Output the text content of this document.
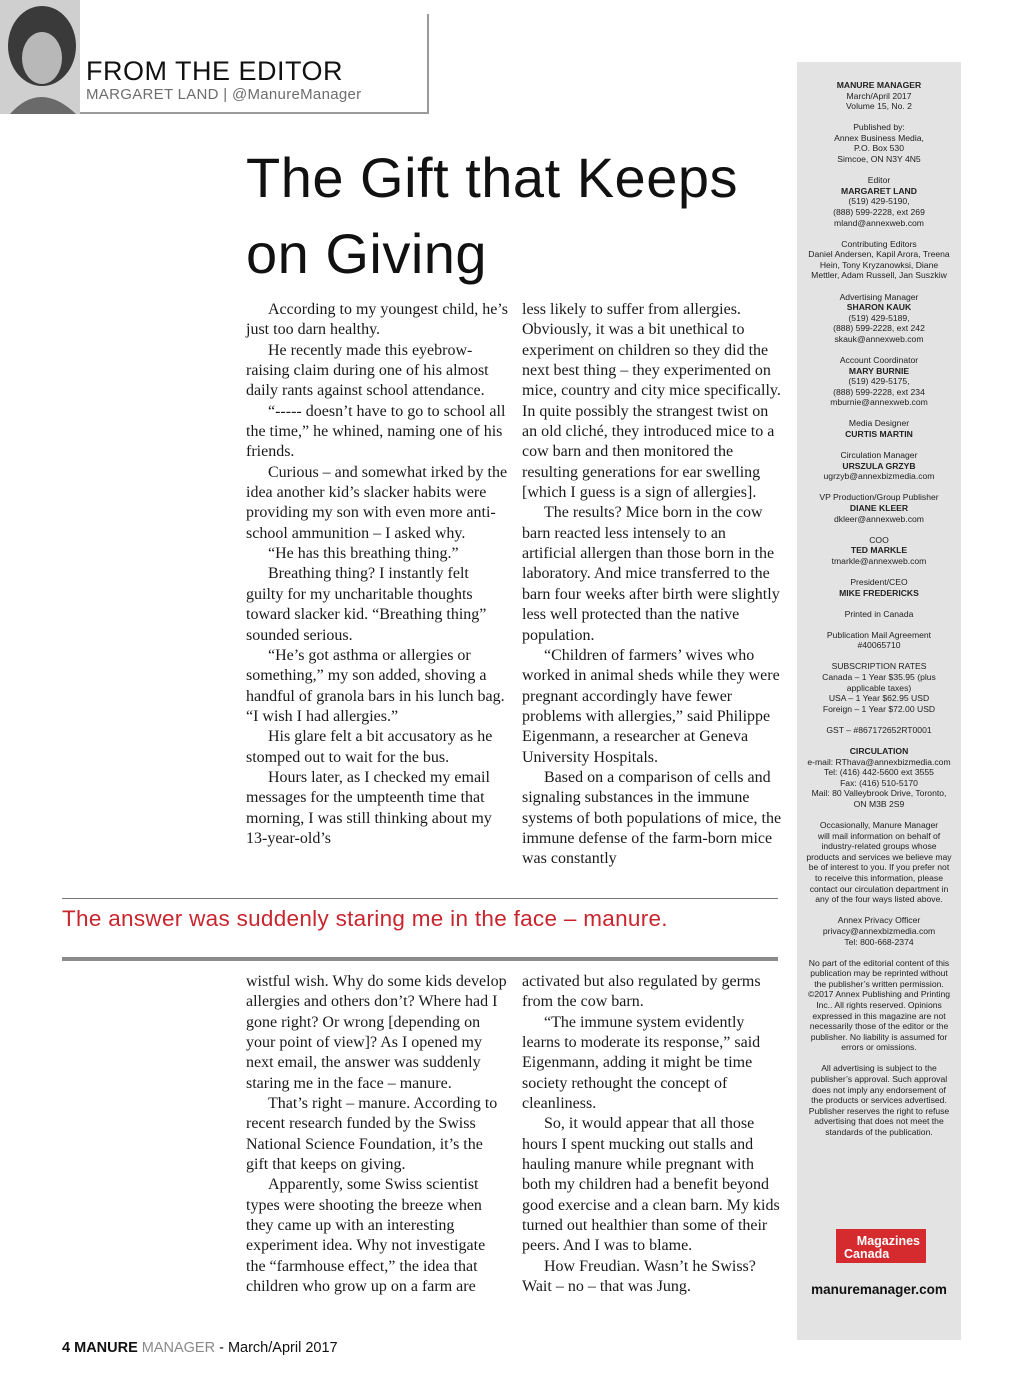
FROM THE EDITOR
MARGARET LAND | @ManureManager
The Gift that Keeps on Giving

According to my youngest child, he’s just too darn healthy.

He recently made this eyebrow-raising claim during one of his almost daily rants against school attendance.

“----- doesn’t have to go to school all the time,” he whined, naming one of his friends.

Curious – and somewhat irked by the idea another kid’s slacker habits were providing my son with even more anti-school ammunition – I asked why.

“He has this breathing thing.”

Breathing thing? I instantly felt guilty for my uncharitable thoughts toward slacker kid. “Breathing thing” sounded serious.

“He’s got asthma or allergies or something,” my son added, shoving a handful of granola bars in his lunch bag. “I wish I had allergies.”

His glare felt a bit accusatory as he stomped out to wait for the bus.

Hours later, as I checked my email messages for the umpteenth time that morning, I was still thinking about my 13-year-old’s

less likely to suffer from allergies. Obviously, it was a bit unethical to experiment on children so they did the next best thing – they experimented on mice, country and city mice specifically. In quite possibly the strangest twist on an old cliché, they introduced mice to a cow barn and then monitored the resulting generations for ear swelling [which I guess is a sign of allergies].

The results? Mice born in the cow barn reacted less intensely to an artificial allergen than those born in the laboratory. And mice transferred to the barn four weeks after birth were slightly less well protected than the native population.

“Children of farmers’ wives who worked in animal sheds while they were pregnant accordingly have fewer problems with allergies,” said Philippe Eigenmann, a researcher at Geneva University Hospitals.

Based on a comparison of cells and signaling substances in the immune systems of both populations of mice, the immune defense of the farm-born mice was constantly

The answer was suddenly staring me in the face – manure.

wistful wish. Why do some kids develop allergies and others don’t? Where had I gone right? Or wrong [depending on your point of view]? As I opened my next email, the answer was suddenly staring me in the face – manure.

That’s right – manure. According to recent research funded by the Swiss National Science Foundation, it’s the gift that keeps on giving.

Apparently, some Swiss scientist types were shooting the breeze when they came up with an interesting experiment idea. Why not investigate the “farmhouse effect,” the idea that children who grow up on a farm are

activated but also regulated by germs from the cow barn.

“The immune system evidently learns to moderate its response,” said Eigenmann, adding it might be time society rethought the concept of cleanliness.

So, it would appear that all those hours I spent mucking out stalls and hauling manure while pregnant with both my children had a benefit beyond good exercise and a clean barn. My kids turned out healthier than some of their peers. And I was to blame.

How Freudian. Wasn’t he Swiss? Wait – no – that was Jung.

MANURE MANAGER
March/April 2017
Volume 15, No. 2
Published by:
Annex Business Media,
P.O. Box 530
Simcoe, ON N3Y 4N5
Editor
MARGARET LAND
(519) 429-5190,
(888) 599-2228, ext 269
mland@annexweb.com
Contributing Editors
Daniel Andersen, Kapil Arora, Treena
Hein, Tony Kryzanowksi, Diane
Mettler, Adam Russell, Jan Suszkiw
Advertising Manager
SHARON KAUK
(519) 429-5189,
(888) 599-2228, ext 242
skauk@annexweb.com
Account Coordinator
MARY BURNIE
(519) 429-5175,
(888) 599-2228, ext 234
mburnie@annexweb.com
Media Designer
CURTIS MARTIN
Circulation Manager
URSZULA GRZYB
ugrzyb@annexbizmedia.com
VP Production/Group Publisher
DIANE KLEER
dkleer@annexweb.com
COO
TED MARKLE
tmarkle@annexweb.com
President/CEO
MIKE FREDERICKS
Printed in Canada
Publication Mail Agreement
#40065710
SUBSCRIPTION RATES
Canada – 1 Year $35.95 (plus
applicable taxes)
USA – 1 Year $62.95 USD
Foreign – 1 Year $72.00 USD
GST – #867172652RT0001
CIRCULATION
e-mail: RThava@annexbizmedia.com
Tel: (416) 442-5600 ext 3555
Fax: (416) 510-5170
Mail: 80 Valleybrook Drive, Toronto,
ON M3B 2S9
Occasionally, Manure Manager
will mail information on behalf of
industry-related groups whose
products and services we believe may
be of interest to you. If you prefer not
to receive this information, please
contact our circulation department in
any of the four ways listed above.
Annex Privacy Officer
privacy@annexbizmedia.com
Tel: 800-668-2374
No part of the editorial content of this
publication may be reprinted without
the publisher’s written permission.
©2017 Annex Publishing and Printing
Inc.. All rights reserved. Opinions
expressed in this magazine are not
necessarily those of the editor or the
publisher. No liability is assumed for
errors or omissions.
All advertising is subject to the
publisher’s approval. Such approval
does not imply any endorsement of
the products or services advertised.
Publisher reserves the right to refuse
advertising that does not meet the
standards of the publication.
Magazines
Canada
manuremanager.com
4 MANURE MANAGER - March/April 2017
